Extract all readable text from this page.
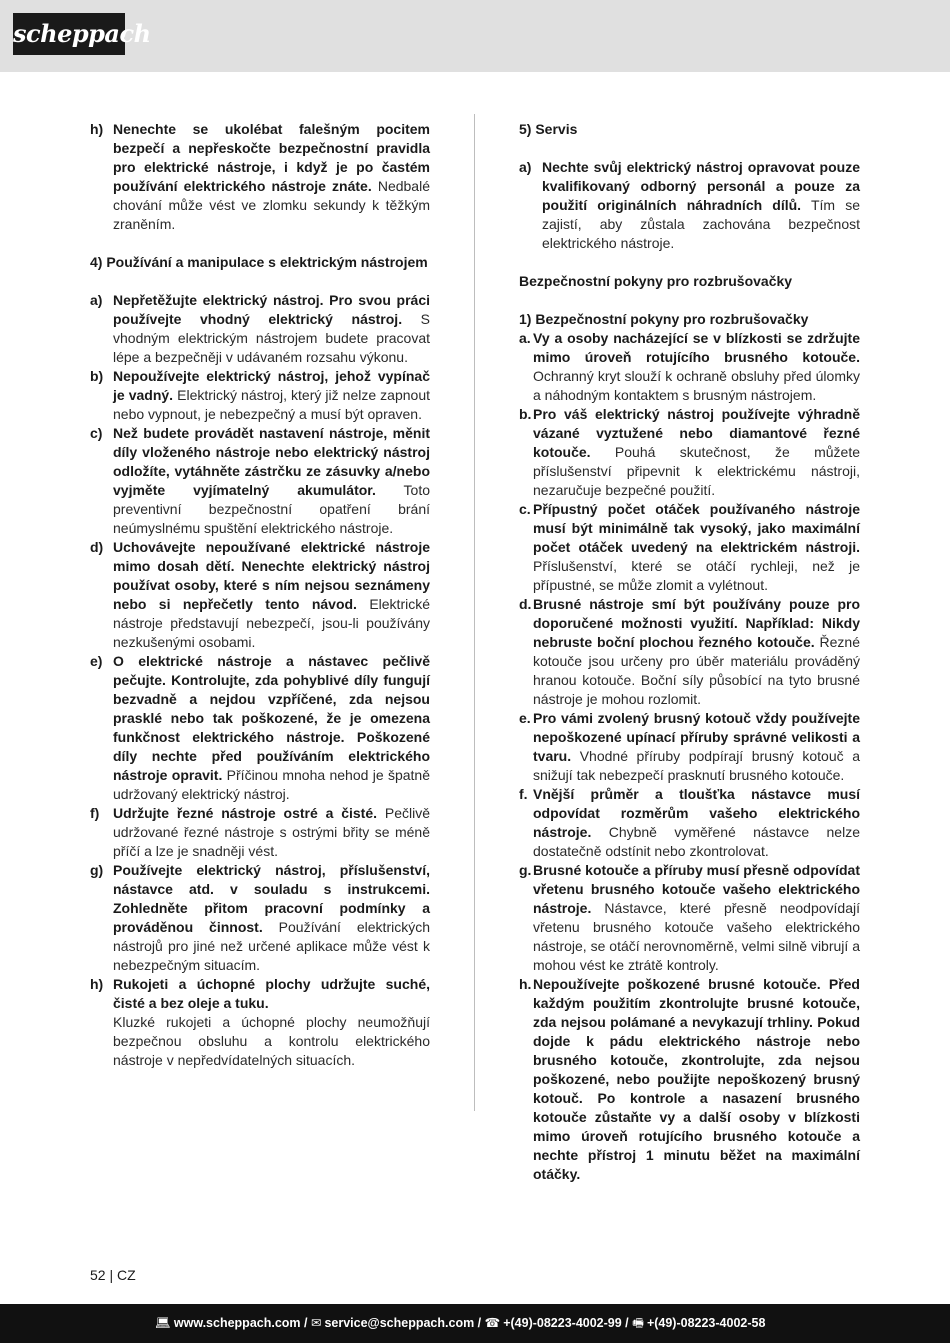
scheppach
h) Nenechte se ukolébat falešným pocitem bezpečí a nepřeskočte bezpečnostní pravidla pro elektrické nástroje, i když je po častém používání elektrického nástroje znáte. Nedbalé chování může vést ve zlomku sekundy k těžkým zraněním.
4) Používání a manipulace s elektrickým nástrojem
a) Nepřetěžujte elektrický nástroj. Pro svou práci používejte vhodný elektrický nástroj. S vhodným elektrickým nástrojem budete pracovat lépe a bezpečněji v udávaném rozsahu výkonu.
b) Nepoužívejte elektrický nástroj, jehož vypínač je vadný. Elektrický nástroj, který již nelze zapnout nebo vypnout, je nebezpečný a musí být opraven.
c) Než budete provádět nastavení nástroje, měnit díly vloženého nástroje nebo elektrický nástroj odložíte, vytáhněte zástrčku ze zásuvky a/nebo vyjměte vyjímatelný akumulátor. Toto preventivní bezpečnostní opatření brání neúmyslnému spuštění elektrického nástroje.
d) Uchovávejte nepoužívané elektrické nástroje mimo dosah dětí. Nenechte elektrický nástroj používat osoby, které s ním nejsou seznámeny nebo si nepřečetly tento návod. Elektrické nástroje představují nebezpečí, jsou-li používány nezkušenými osobami.
e) O elektrické nástroje a nástavec pečlivě pečujte. Kontrolujte, zda pohyblivé díly fungují bezvadně a nejdou vzpříčené, zda nejsou prasklé nebo tak poškozené, že je omezena funkčnost elektrického nástroje. Poškozené díly nechte před používáním elektrického nástroje opravit. Příčinou mnoha nehod je špatně udržovaný elektrický nástroj.
f) Udržujte řezné nástroje ostré a čisté. Pečlivě udržované řezné nástroje s ostrými břity se méně příčí a lze je snadněji vést.
g) Používejte elektrický nástroj, příslušenství, nástavce atd. v souladu s instrukcemi. Zohledněte přitom pracovní podmínky a prováděnou činnost. Používání elektrických nástrojů pro jiné než určené aplikace může vést k nebezpečným situacím.
h) Rukojeti a úchopné plochy udržujte suché, čisté a bez oleje a tuku.
Kluzké rukojeti a úchopné plochy neumožňují bezpečnou obsluhu a kontrolu elektrického nástroje v nepředvídatelných situacích.
5) Servis
a) Nechte svůj elektrický nástroj opravovat pouze kvalifikovaný odborný personál a pouze za použití originálních náhradních dílů. Tím se zajistí, aby zůstala zachována bezpečnost elektrického nástroje.
Bezpečnostní pokyny pro rozbrušovačky
1) Bezpečnostní pokyny pro rozbrušovačky
a. Vy a osoby nacházející se v blízkosti se zdržujte mimo úroveň rotujícího brusného kotouče. Ochranný kryt slouží k ochraně obsluhy před úlomky a náhodným kontaktem s brusným nástrojem.
b. Pro váš elektrický nástroj používejte výhradně vázané vyztužené nebo diamantové řezné kotouče. Pouhá skutečnost, že můžete příslušenství připevnit k elektrickému nástroji, nezaručuje bezpečné použití.
c. Přípustný počet otáček používaného nástroje musí být minimálně tak vysoký, jako maximální počet otáček uvedený na elektrickém nástroji. Příslušenství, které se otáčí rychleji, než je přípustné, se může zlomit a vylétnout.
d. Brusné nástroje smí být používány pouze pro doporučené možnosti využití. Například: Nikdy nebruste boční plochou řezného kotouče. Řezné kotouče jsou určeny pro úběr materiálu prováděný hranou kotouče. Boční síly působící na tyto brusné nástroje je mohou rozlomit.
e. Pro vámi zvolený brusný kotouč vždy používejte nepoškozené upínací příruby správné velikosti a tvaru. Vhodné příruby podpírají brusný kotouč a snižují tak nebezpečí prasknutí brusného kotouče.
f. Vnější průměr a tloušťka nástavce musí odpovídat rozměrům vašeho elektrického nástroje. Chybně vyměřené nástavce nelze dostatečně odstínit nebo zkontrolovat.
g. Brusné kotouče a příruby musí přesně odpovídat vřetenu brusného kotouče vašeho elektrického nástroje. Nástavce, které přesně neodpovídají vřetenu brusného kotouče vašeho elektrického nástroje, se otáčí nerovnoměrně, velmi silně vibrují a mohou vést ke ztrátě kontroly.
h. Nepoužívejte poškozené brusné kotouče. Před každým použitím zkontrolujte brusné kotouče, zda nejsou polámané a nevykazují trhliny. Pokud dojde k pádu elektrického nástroje nebo brusného kotouče, zkontrolujte, zda nejsou poškozené, nebo použijte nepoškozený brusný kotouč. Po kontrole a nasazení brusného kotouče zůstaňte vy a další osoby v blízkosti mimo úroveň rotujícího brusného kotouče a nechte přístroj 1 minutu běžet na maximální otáčky.
52 | CZ
💻︎ www.scheppach.com / ✉︎ service@scheppach.com / ☎︎ +(49)-08223-4002-99 / 🖷︎ +(49)-08223-4002-58
